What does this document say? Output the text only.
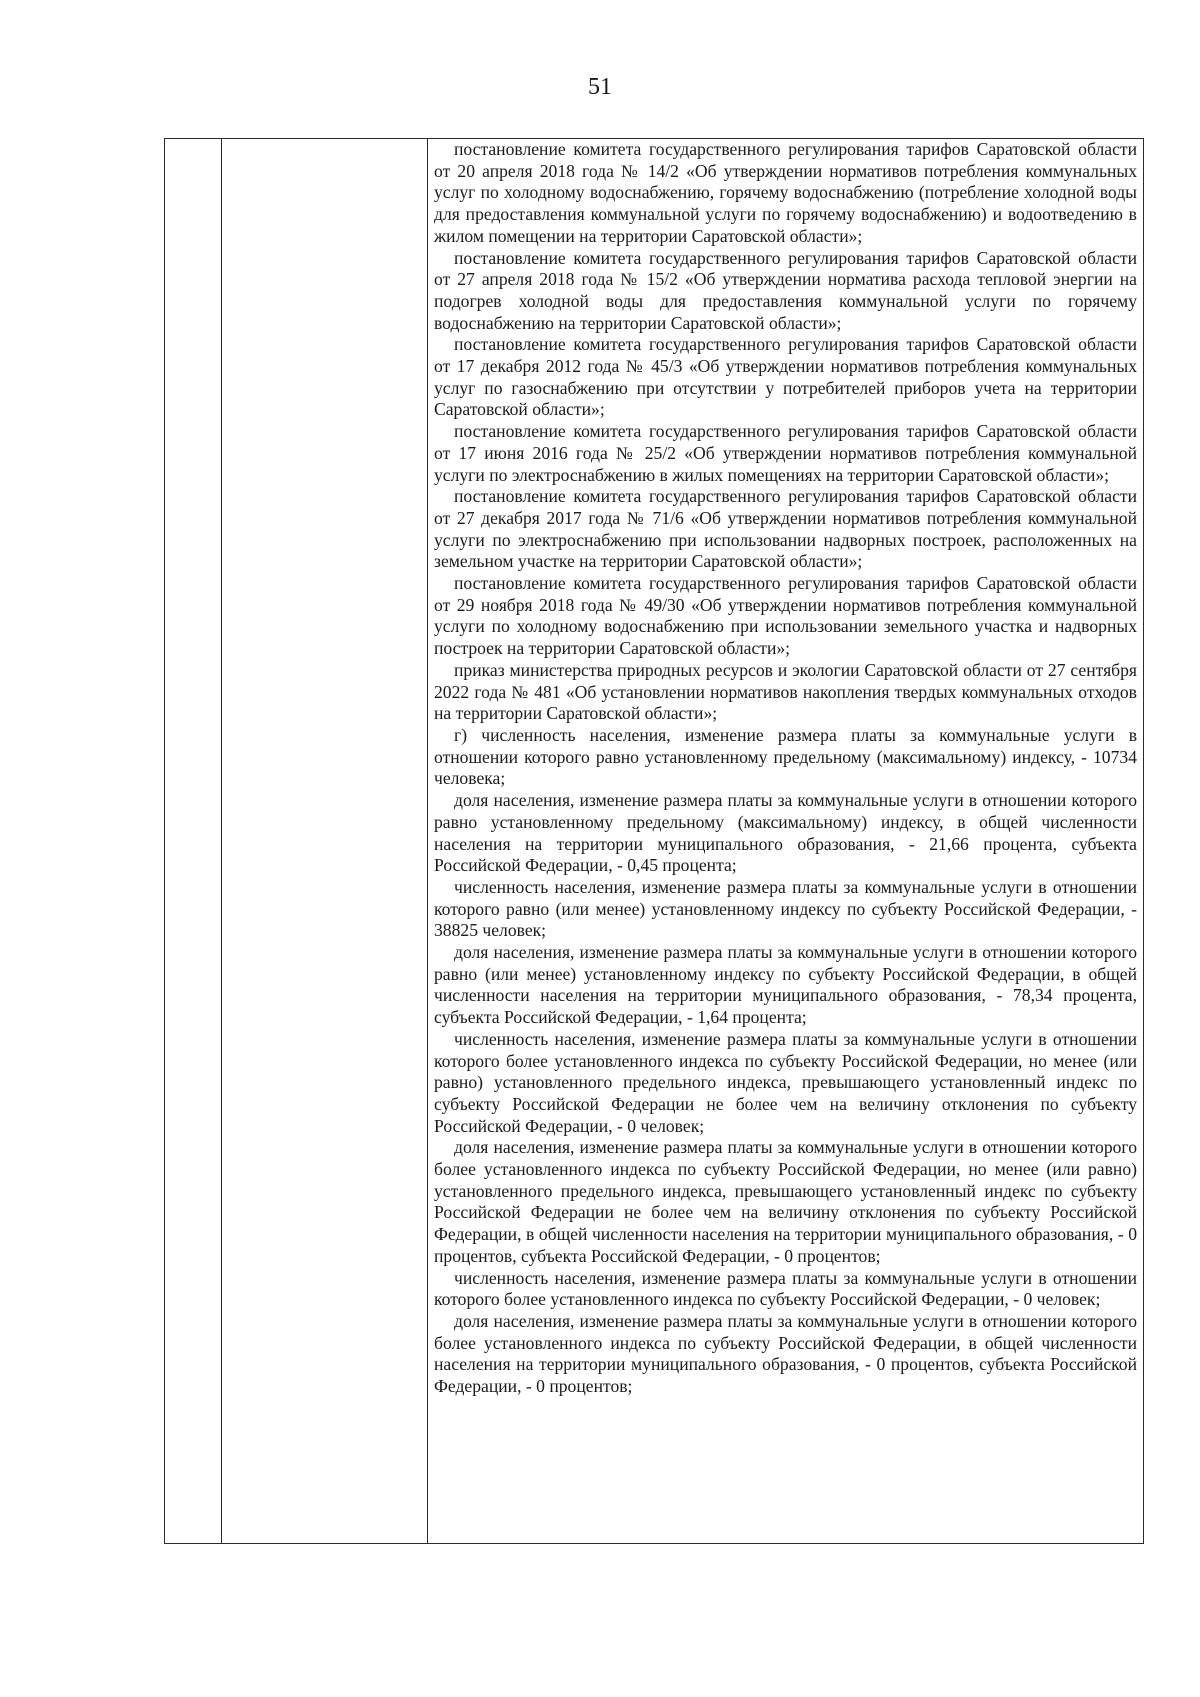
51

постановление комитета государственного регулирования тарифов Саратовской области от 20 апреля 2018 года № 14/2 «Об утверждении нормативов потребления коммунальных услуг по холодному водоснабжению, горячему водоснабжению (потребление холодной воды для предоставления коммунальной услуги по горячему водоснабжению) и водоотведению в жилом помещении на территории Саратовской области»;

постановление комитета государственного регулирования тарифов Саратовской области от 27 апреля 2018 года № 15/2 «Об утверждении норматива расхода тепловой энергии на подогрев холодной воды для предоставления коммунальной услуги по горячему водоснабжению на территории Саратовской области»;

постановление комитета государственного регулирования тарифов Саратовской области от 17 декабря 2012 года № 45/3 «Об утверждении нормативов потребления коммунальных услуг по газоснабжению при отсутствии у потребителей приборов учета на территории Саратовской области»;

постановление комитета государственного регулирования тарифов Саратовской области от 17 июня 2016 года № 25/2 «Об утверждении нормативов потребления коммунальной услуги по электроснабжению в жилых помещениях на территории Саратовской области»;

постановление комитета государственного регулирования тарифов Саратовской области от 27 декабря 2017 года № 71/6 «Об утверждении нормативов потребления коммунальной услуги по электроснабжению при использовании надворных построек, расположенных на земельном участке на территории Саратовской области»;

постановление комитета государственного регулирования тарифов Саратовской области от 29 ноября 2018 года № 49/30 «Об утверждении нормативов потребления коммунальной услуги по холодному водоснабжению при использовании земельного участка и надворных построек на территории Саратовской области»;

приказ министерства природных ресурсов и экологии Саратовской области от 27 сентября 2022 года № 481 «Об установлении нормативов накопления твердых коммунальных отходов на территории Саратовской области»;

г) численность населения, изменение размера платы за коммунальные услуги в отношении которого равно установленному предельному (максимальному) индексу, - 10734 человека;

доля населения, изменение размера платы за коммунальные услуги в отношении которого равно установленному предельному (максимальному) индексу, в общей численности населения на территории муниципального образования, - 21,66 процента, субъекта Российской Федерации, - 0,45 процента;

численность населения, изменение размера платы за коммунальные услуги в отношении которого равно (или менее) установленному индексу по субъекту Российской Федерации, - 38825 человек;

доля населения, изменение размера платы за коммунальные услуги в отношении которого равно (или менее) установленному индексу по субъекту Российской Федерации, в общей численности населения на территории муниципального образования, - 78,34 процента, субъекта Российской Федерации, - 1,64 процента;

численность населения, изменение размера платы за коммунальные услуги в отношении которого более установленного индекса по субъекту Российской Федерации, но менее (или равно) установленного предельного индекса, превышающего установленный индекс по субъекту Российской Федерации не более чем на величину отклонения по субъекту Российской Федерации, - 0 человек;

доля населения, изменение размера платы за коммунальные услуги в отношении которого более установленного индекса по субъекту Российской Федерации, но менее (или равно) установленного предельного индекса, превышающего установленный индекс по субъекту Российской Федерации не более чем на величину отклонения по субъекту Российской Федерации, в общей численности населения на территории муниципального образования, - 0 процентов, субъекта Российской Федерации, - 0 процентов;

численность населения, изменение размера платы за коммунальные услуги в отношении которого более установленного индекса по субъекту Российской Федерации, - 0 человек;

доля населения, изменение размера платы за коммунальные услуги в отношении которого более установленного индекса по субъекту Российской Федерации, в общей численности населения на территории муниципального образования, - 0 процентов, субъекта Российской Федерации, - 0 процентов;
